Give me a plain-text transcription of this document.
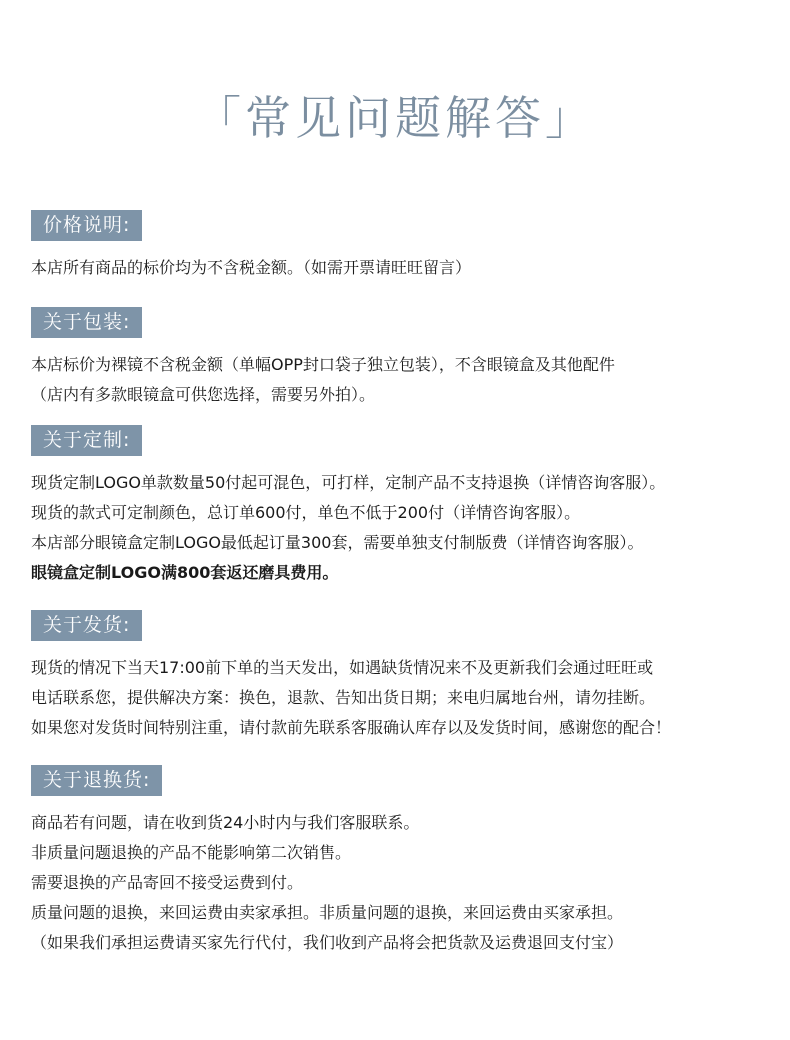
「常见问题解答」
价格说明:
本店所有商品的标价均为不含税金额。（如需开票请旺旺留言）
关于包装:
本店标价为裸镜不含税金额（单幅OPP封口袋子独立包装），不含眼镜盒及其他配件
（店内有多款眼镜盒可供您选择，需要另外拍）。
关于定制:
现货定制LOGO单款数量50付起可混色，可打样，定制产品不支持退换（详情咨询客服）。
现货的款式可定制颜色，总订单600付，单色不低于200付（详情咨询客服）。
本店部分眼镜盒定制LOGO最低起订量300套，需要单独支付制版费（详情咨询客服）。
眼镜盒定制LOGO满800套返还磨具费用。
关于发货:
现货的情况下当天17:00前下单的当天发出，如遇缺货情况来不及更新我们会通过旺旺或
电话联系您，提供解决方案：换色，退款、告知出货日期；来电归属地台州，请勿挂断。
如果您对发货时间特别注重，请付款前先联系客服确认库存以及发货时间，感谢您的配合！
关于退换货:
商品若有问题，请在收到货24小时内与我们客服联系。
非质量问题退换的产品不能影响第二次销售。
需要退换的产品寄回不接受运费到付。
质量问题的退换，来回运费由卖家承担。非质量问题的退换，来回运费由买家承担。
（如果我们承担运费请买家先行代付，我们收到产品将会把货款及运费退回支付宝）
